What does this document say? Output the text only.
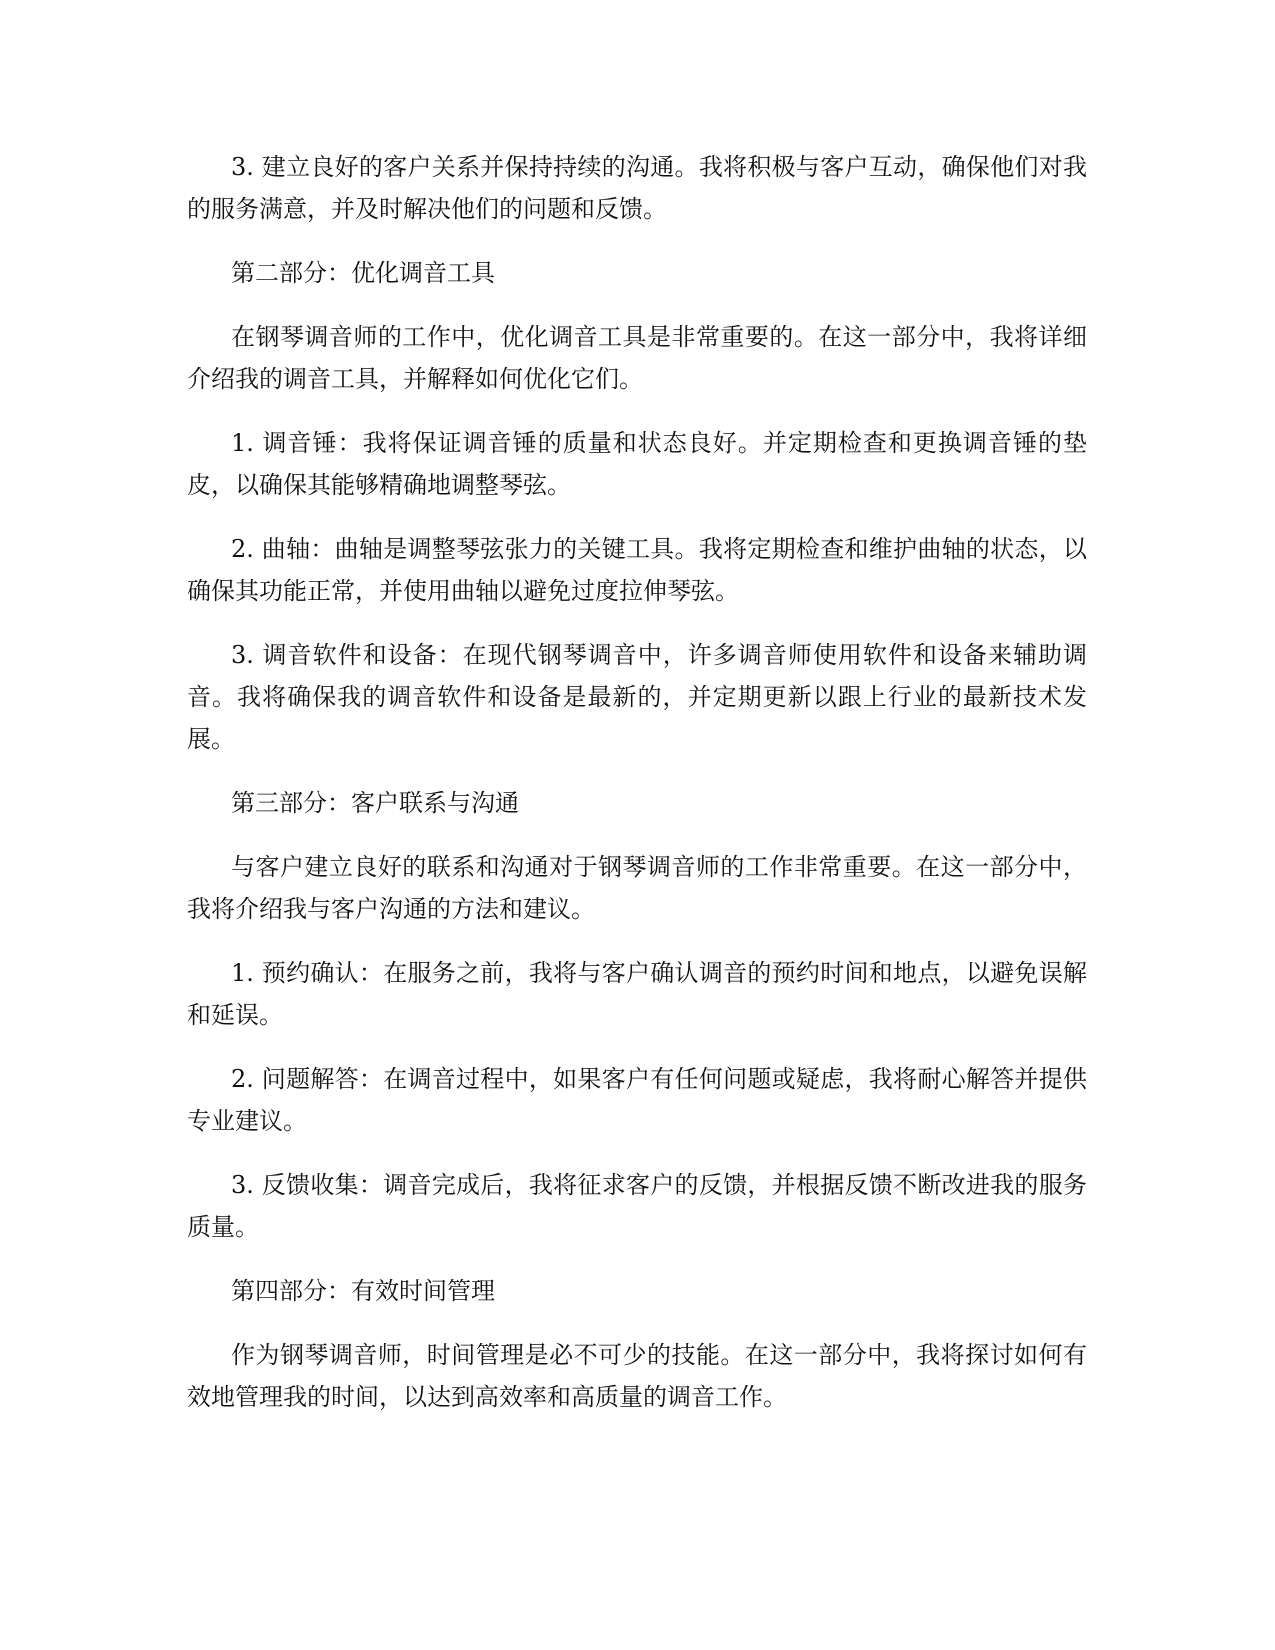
3. 建立良好的客户关系并保持持续的沟通。我将积极与客户互动，确保他们对我的服务满意，并及时解决他们的问题和反馈。

第二部分：优化调音工具

在钢琴调音师的工作中，优化调音工具是非常重要的。在这一部分中，我将详细介绍我的调音工具，并解释如何优化它们。

1. 调音锤：我将保证调音锤的质量和状态良好。并定期检查和更换调音锤的垫皮，以确保其能够精确地调整琴弦。

2. 曲轴：曲轴是调整琴弦张力的关键工具。我将定期检查和维护曲轴的状态，以确保其功能正常，并使用曲轴以避免过度拉伸琴弦。

3. 调音软件和设备：在现代钢琴调音中，许多调音师使用软件和设备来辅助调音。我将确保我的调音软件和设备是最新的，并定期更新以跟上行业的最新技术发展。

第三部分：客户联系与沟通

与客户建立良好的联系和沟通对于钢琴调音师的工作非常重要。在这一部分中，我将介绍我与客户沟通的方法和建议。

1. 预约确认：在服务之前，我将与客户确认调音的预约时间和地点，以避免误解和延误。

2. 问题解答：在调音过程中，如果客户有任何问题或疑虑，我将耐心解答并提供专业建议。

3. 反馈收集：调音完成后，我将征求客户的反馈，并根据反馈不断改进我的服务质量。

第四部分：有效时间管理

作为钢琴调音师，时间管理是必不可少的技能。在这一部分中，我将探讨如何有效地管理我的时间，以达到高效率和高质量的调音工作。
